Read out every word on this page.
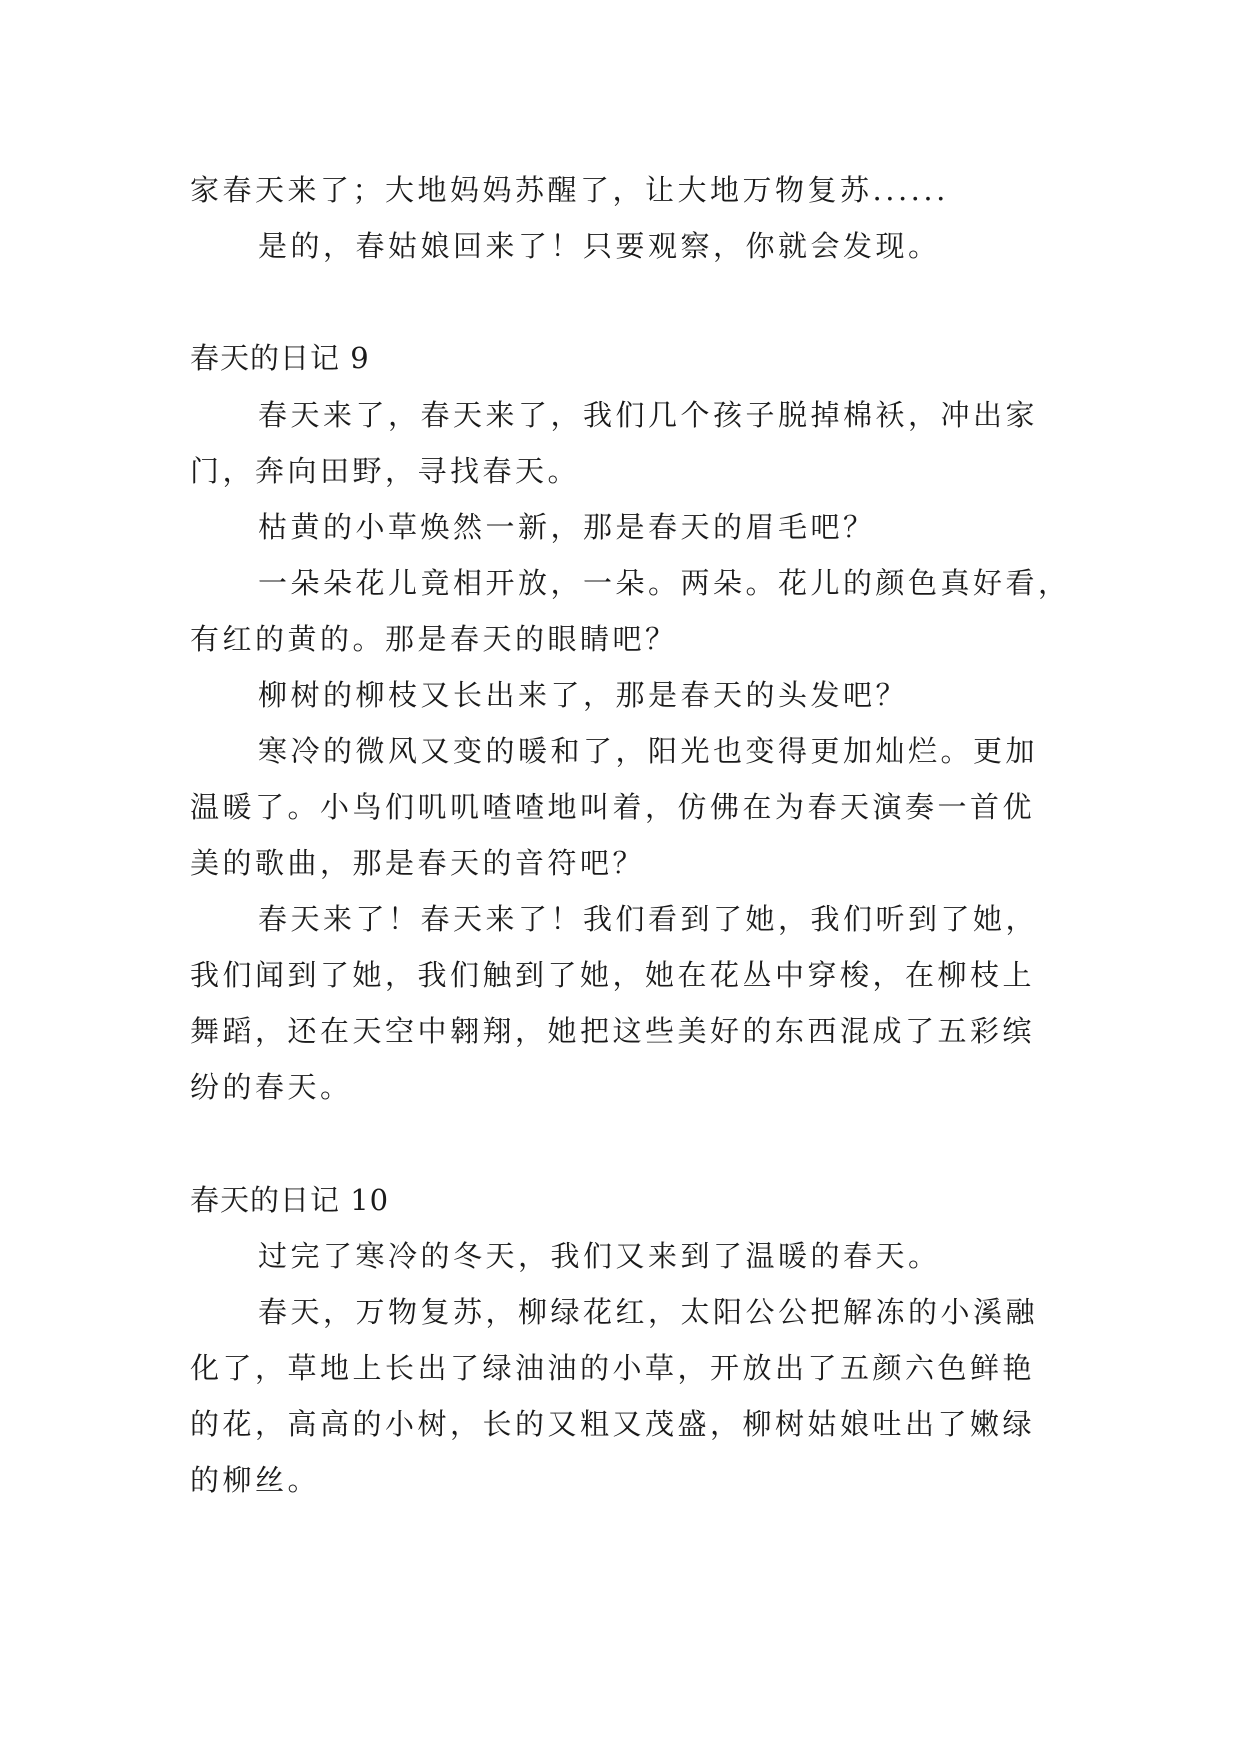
家春天来了；大地妈妈苏醒了，让大地万物复苏......
是的，春姑娘回来了！只要观察，你就会发现。
春天的日记 9
春天来了，春天来了，我们几个孩子脱掉棉袄，冲出家
门，奔向田野，寻找春天。
枯黄的小草焕然一新，那是春天的眉毛吧？
一朵朵花儿竟相开放，一朵。两朵。花儿的颜色真好看，
有红的黄的。那是春天的眼睛吧？
柳树的柳枝又长出来了，那是春天的头发吧？
寒冷的微风又变的暖和了，阳光也变得更加灿烂。更加
温暖了。小鸟们叽叽喳喳地叫着，仿佛在为春天演奏一首优
美的歌曲，那是春天的音符吧？
春天来了！春天来了！我们看到了她，我们听到了她，
我们闻到了她，我们触到了她，她在花丛中穿梭，在柳枝上
舞蹈，还在天空中翱翔，她把这些美好的东西混成了五彩缤
纷的春天。
春天的日记 10
过完了寒冷的冬天，我们又来到了温暖的春天。
春天，万物复苏，柳绿花红，太阳公公把解冻的小溪融
化了，草地上长出了绿油油的小草，开放出了五颜六色鲜艳
的花，高高的小树，长的又粗又茂盛，柳树姑娘吐出了嫩绿
的柳丝。
